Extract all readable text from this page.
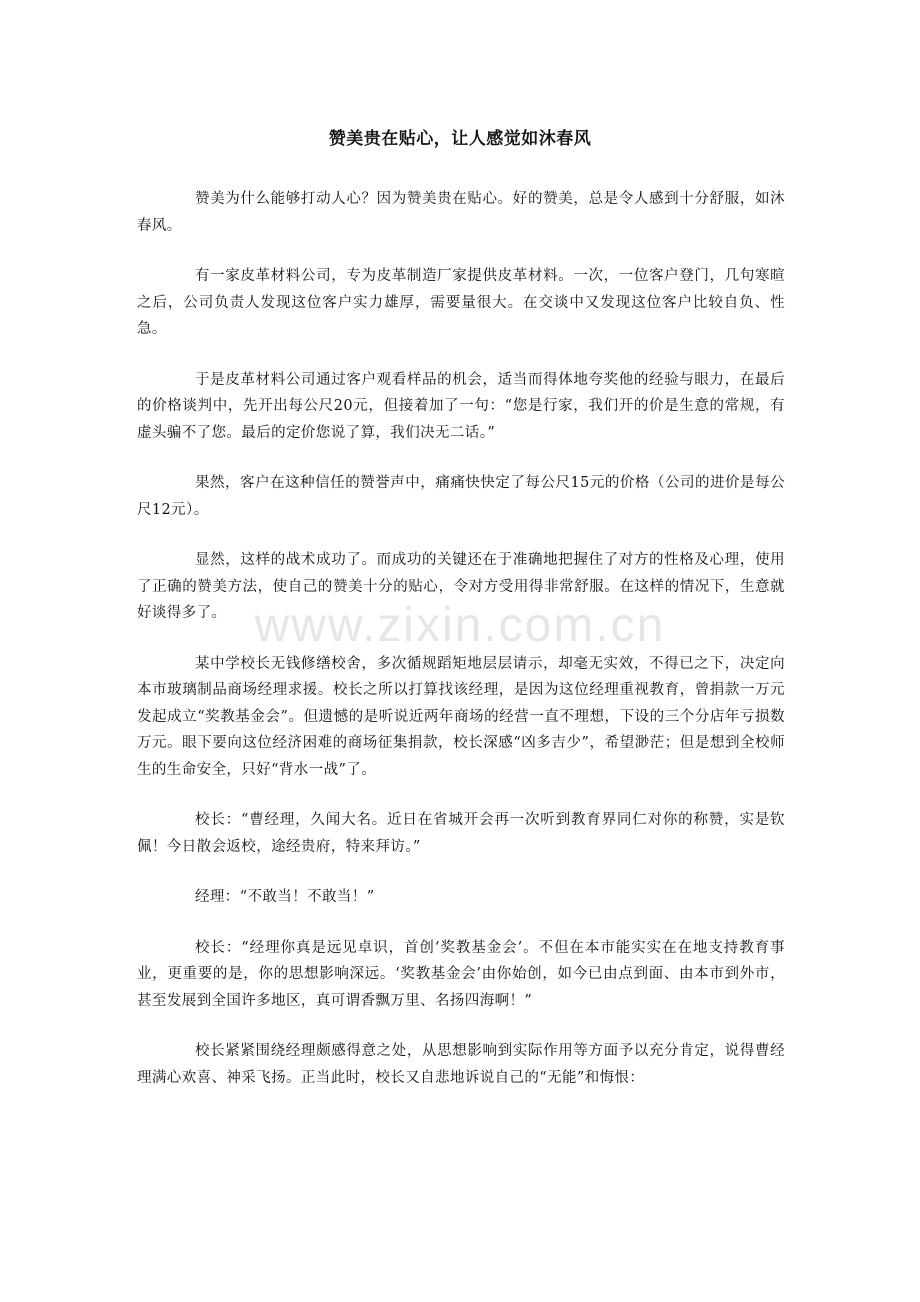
赞美贵在贴心，让人感觉如沐春风

赞美为什么能够打动人心？因为赞美贵在贴心。好的赞美，总是令人感到十分舒服，如沐春风。

有一家皮革材料公司，专为皮革制造厂家提供皮革材料。一次，一位客户登门，几句寒暄之后，公司负责人发现这位客户实力雄厚，需要量很大。在交谈中又发现这位客户比较自负、性急。

于是皮革材料公司通过客户观看样品的机会，适当而得体地夸奖他的经验与眼力，在最后的价格谈判中，先开出每公尺20元，但接着加了一句：“您是行家，我们开的价是生意的常规，有虚头骗不了您。最后的定价您说了算，我们决无二话。”

果然，客户在这种信任的赞誉声中，痛痛快快定了每公尺15元的价格（公司的进价是每公尺12元）。

显然，这样的战术成功了。而成功的关键还在于准确地把握住了对方的性格及心理，使用了正确的赞美方法，使自己的赞美十分的贴心，令对方受用得非常舒服。在这样的情况下，生意就好谈得多了。

某中学校长无钱修缮校舍，多次循规蹈矩地层层请示，却毫无实效，不得已之下，决定向本市玻璃制品商场经理求援。校长之所以打算找该经理，是因为这位经理重视教育，曾捐款一万元发起成立“奖教基金会”。但遗憾的是听说近两年商场的经营一直不理想，下设的三个分店年亏损数万元。眼下要向这位经济困难的商场征集捐款，校长深感“凶多吉少”，希望渺茫；但是想到全校师生的生命安全，只好“背水一战”了。

校长：“曹经理，久闻大名。近日在省城开会再一次听到教育界同仁对你的称赞，实是钦佩！今日散会返校，途经贵府，特来拜访。”

经理：“不敢当！不敢当！”

校长：“经理你真是远见卓识，首创‘奖教基金会’。不但在本市能实实在在地支持教育事业，更重要的是，你的思想影响深远。‘奖教基金会’由你始创，如今已由点到面、由本市到外市，甚至发展到全国许多地区，真可谓香飘万里、名扬四海啊！”

校长紧紧围绕经理颇感得意之处，从思想影响到实际作用等方面予以充分肯定，说得曹经理满心欢喜、神采飞扬。正当此时，校长又自悲地诉说自己的“无能”和悔恨：

www.zixin.com.cn
